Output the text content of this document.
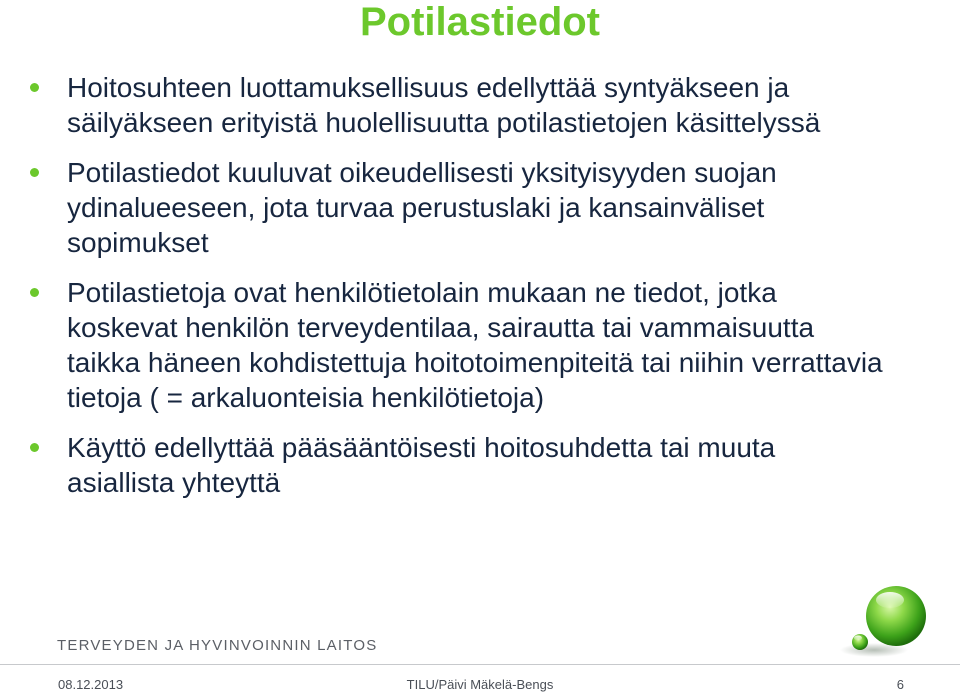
Potilastiedot
Hoitosuhteen luottamuksellisuus edellyttää syntyäkseen ja säilyäkseen erityistä huolellisuutta potilastietojen käsittelyssä
Potilastiedot kuuluvat oikeudellisesti yksityisyyden suojan ydinalueeseen, jota turvaa perustuslaki ja kansainväliset sopimukset
Potilastietoja ovat henkilötietolain mukaan ne tiedot, jotka koskevat henkilön terveydentilaa, sairautta tai vammaisuutta taikka häneen kohdistettuja hoitotoimenpiteitä tai niihin verrattavia tietoja ( = arkaluonteisia henkilötietoja)
Käyttö edellyttää pääsääntöisesti hoitosuhdetta tai muuta asiallista yhteyttä
TERVEYDEN JA HYVINVOINNIN LAITOS
08.12.2013	TILU/Päivi Mäkelä-Bengs	6
